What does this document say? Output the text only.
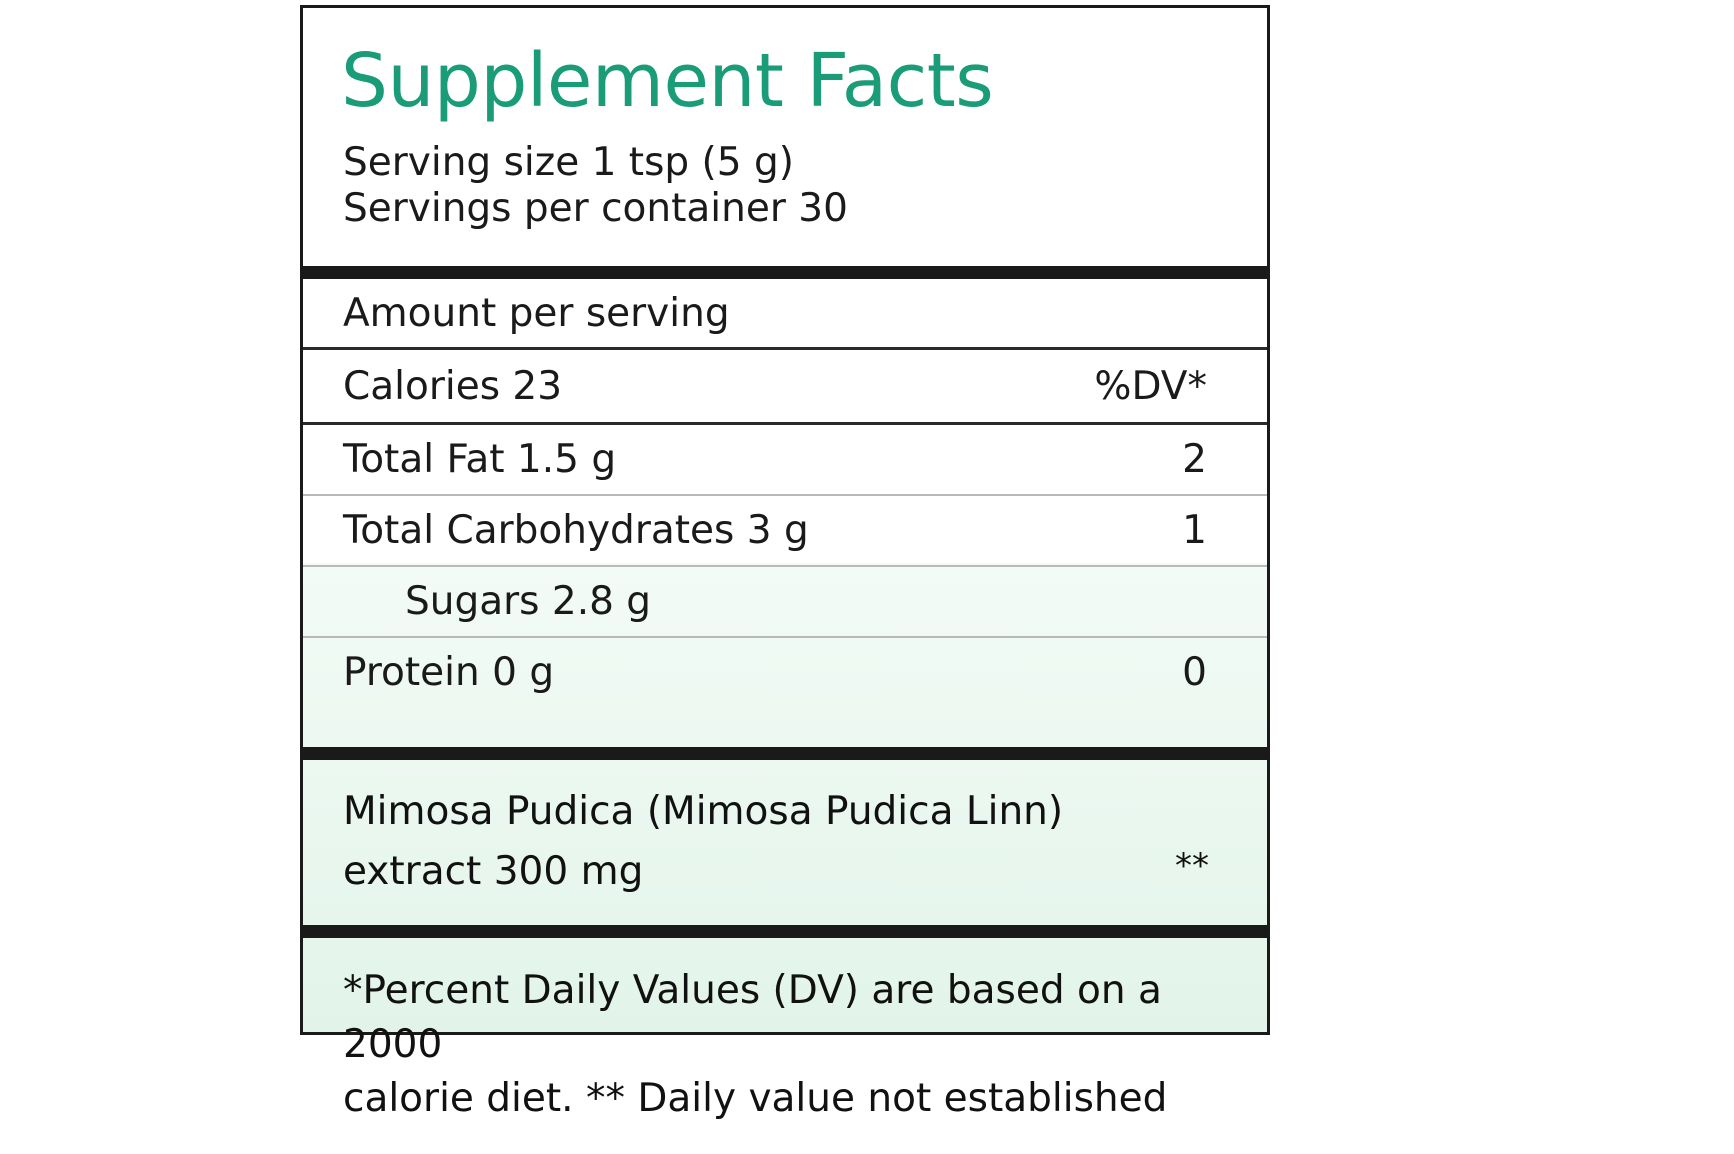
Supplement Facts
Serving size 1 tsp (5 g)
Servings per container 30
Amount per serving
Calories 23	%DV*
Total Fat 1.5 g	2
Total Carbohydrates 3 g	1
Sugars 2.8 g
Protein 0 g	0
Mimosa Pudica (Mimosa Pudica Linn)
extract 300 mg	**
*Percent Daily Values (DV) are based on a 2000
calorie diet. ** Daily value not established
